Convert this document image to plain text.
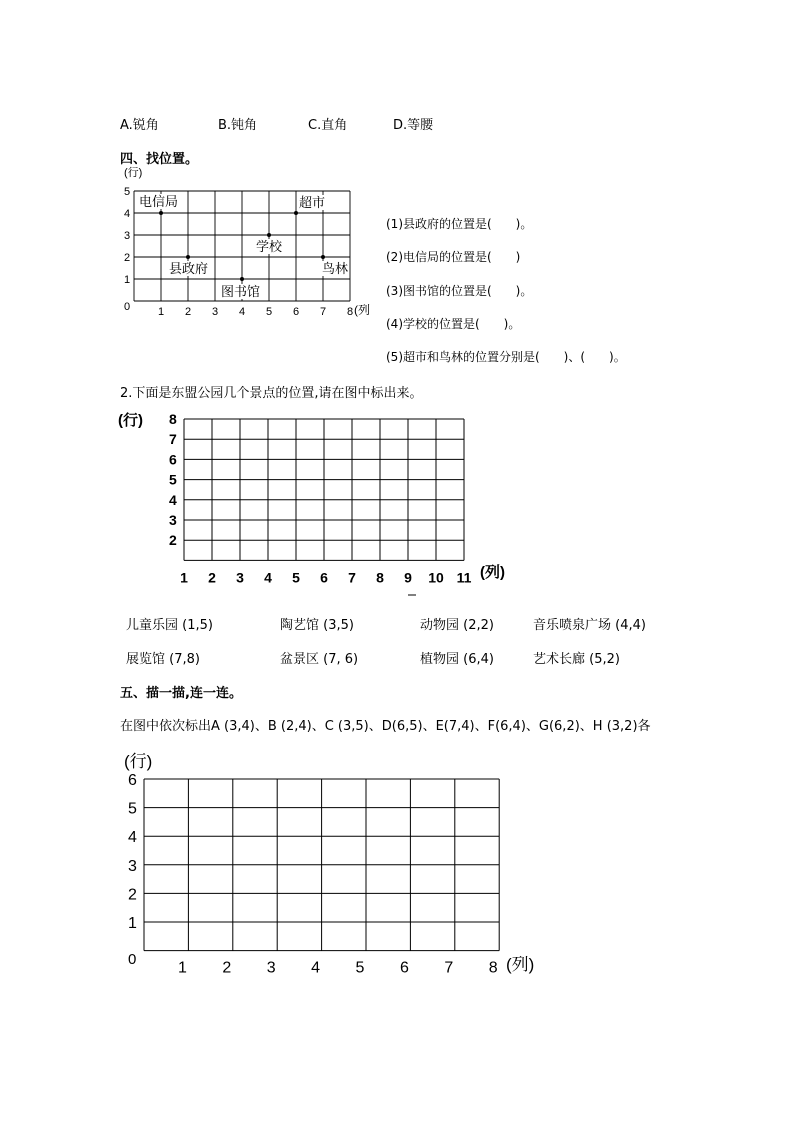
A.锐角	B.钝角	C.直角	D.等腰
四、找位置。
(行)
(列
0	1 2 3 4 5 6 7 8
1
2
3
4
5
电信局	超市
学校
县政府	鸟林
图书馆
(1)县政府的位置是(　　)。
(2)电信局的位置是(　　)
(3)图书馆的位置是(　　)。
(4)学校的位置是(　　)。
(5)超市和鸟林的位置分别是(　　)、(　　)。
2.下面是东盟公园几个景点的位置,请在图中标出来。
(行)
(列)
1 2 3 4 5 6 7 8 9 10 11
2
3
4
5
6
7
8
儿童乐园 (1,5)	陶艺馆 (3,5)	动物园 (2,2)	音乐喷泉广场 (4,4)
展览馆 (7,8)	盆景区 (7, 6)	植物园 (6,4)	艺术长廊 (5,2)
五、描一描,连一连。
在图中依次标出A (3,4)、B (2,4)、C (3,5)、D(6,5)、E(7,4)、F(6,4)、G(6,2)、H (3,2)各
(行)
(列)
0
1 2 3 4 5 6 7 8
1
2
3
4
5
6
